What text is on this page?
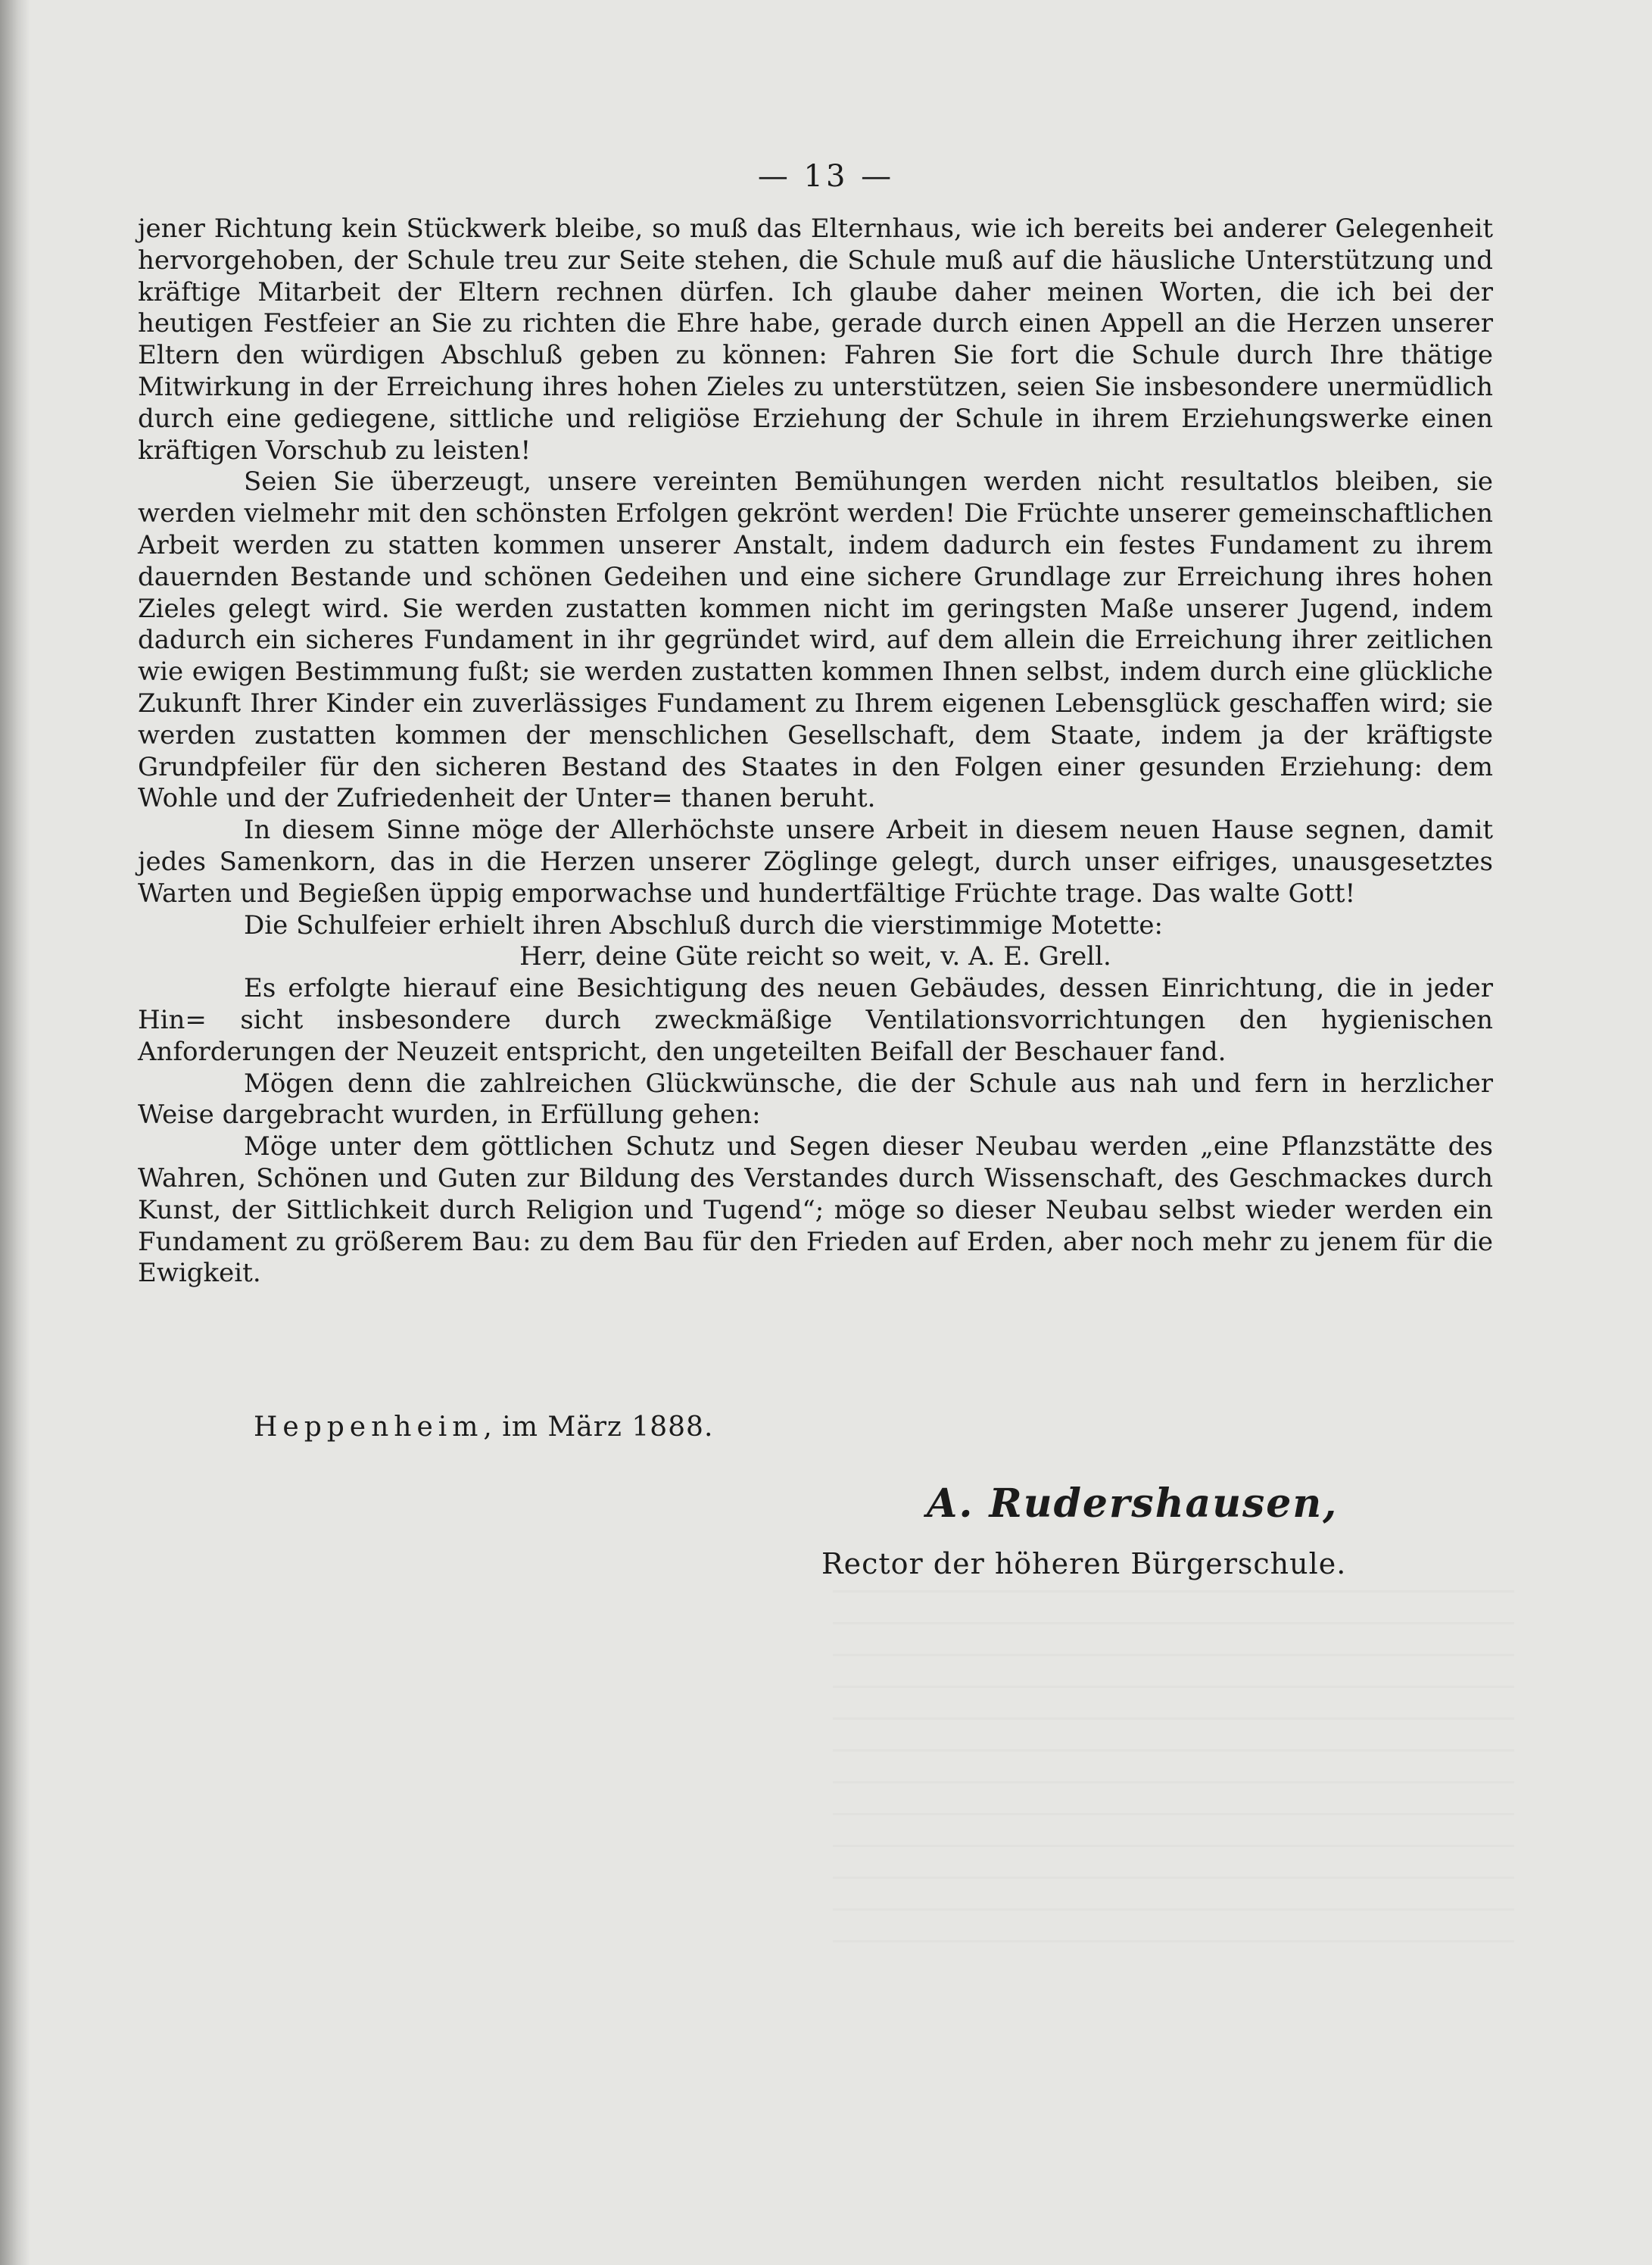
— 13 —

jener Richtung kein Stückwerk bleibe, so muß das Elternhaus, wie ich bereits bei anderer Gelegenheit hervorgehoben, der Schule treu zur Seite stehen, die Schule muß auf die häusliche Unterstützung und kräftige Mitarbeit der Eltern rechnen dürfen. Ich glaube daher meinen Worten, die ich bei der heutigen Festfeier an Sie zu richten die Ehre habe, gerade durch einen Appell an die Herzen unserer Eltern den würdigen Abschluß geben zu können: Fahren Sie fort die Schule durch Ihre thätige Mitwirkung in der Erreichung ihres hohen Zieles zu unterstützen, seien Sie insbesondere unermüdlich durch eine gediegene, sittliche und religiöse Erziehung der Schule in ihrem Erziehungswerke einen kräftigen Vorschub zu leisten!

Seien Sie überzeugt, unsere vereinten Bemühungen werden nicht resultatlos bleiben, sie werden vielmehr mit den schönsten Erfolgen gekrönt werden! Die Früchte unserer gemeinschaftlichen Arbeit werden zu statten kommen unserer Anstalt, indem dadurch ein festes Fundament zu ihrem dauernden Bestande und schönen Gedeihen und eine sichere Grundlage zur Erreichung ihres hohen Zieles gelegt wird. Sie werden zustatten kommen nicht im geringsten Maße unserer Jugend, indem dadurch ein sicheres Fundament in ihr gegründet wird, auf dem allein die Erreichung ihrer zeitlichen wie ewigen Bestimmung fußt; sie werden zustatten kommen Ihnen selbst, indem durch eine glückliche Zukunft Ihrer Kinder ein zuverlässiges Fundament zu Ihrem eigenen Lebensglück geschaffen wird; sie werden zustatten kommen der menschlichen Gesellschaft, dem Staate, indem ja der kräftigste Grundpfeiler für den sicheren Bestand des Staates in den Folgen einer gesunden Erziehung: dem Wohle und der Zufriedenheit der Unter= thanen beruht.

In diesem Sinne möge der Allerhöchste unsere Arbeit in diesem neuen Hause segnen, damit jedes Samenkorn, das in die Herzen unserer Zöglinge gelegt, durch unser eifriges, unausgesetztes Warten und Begießen üppig emporwachse und hundertfältige Früchte trage. Das walte Gott!

Die Schulfeier erhielt ihren Abschluß durch die vierstimmige Motette:

Herr, deine Güte reicht so weit, v. A. E. Grell.

Es erfolgte hierauf eine Besichtigung des neuen Gebäudes, dessen Einrichtung, die in jeder Hin= sicht insbesondere durch zweckmäßige Ventilationsvorrichtungen den hygienischen Anforderungen der Neuzeit entspricht, den ungeteilten Beifall der Beschauer fand.

Mögen denn die zahlreichen Glückwünsche, die der Schule aus nah und fern in herzlicher Weise dargebracht wurden, in Erfüllung gehen:

Möge unter dem göttlichen Schutz und Segen dieser Neubau werden „eine Pflanzstätte des Wahren, Schönen und Guten zur Bildung des Verstandes durch Wissenschaft, des Geschmackes durch Kunst, der Sittlichkeit durch Religion und Tugend“; möge so dieser Neubau selbst wieder werden ein Fundament zu größerem Bau: zu dem Bau für den Frieden auf Erden, aber noch mehr zu jenem für die Ewigkeit.

Heppenheim, im März 1888.
A. Rudershausen,
Rector der höheren Bürgerschule.
